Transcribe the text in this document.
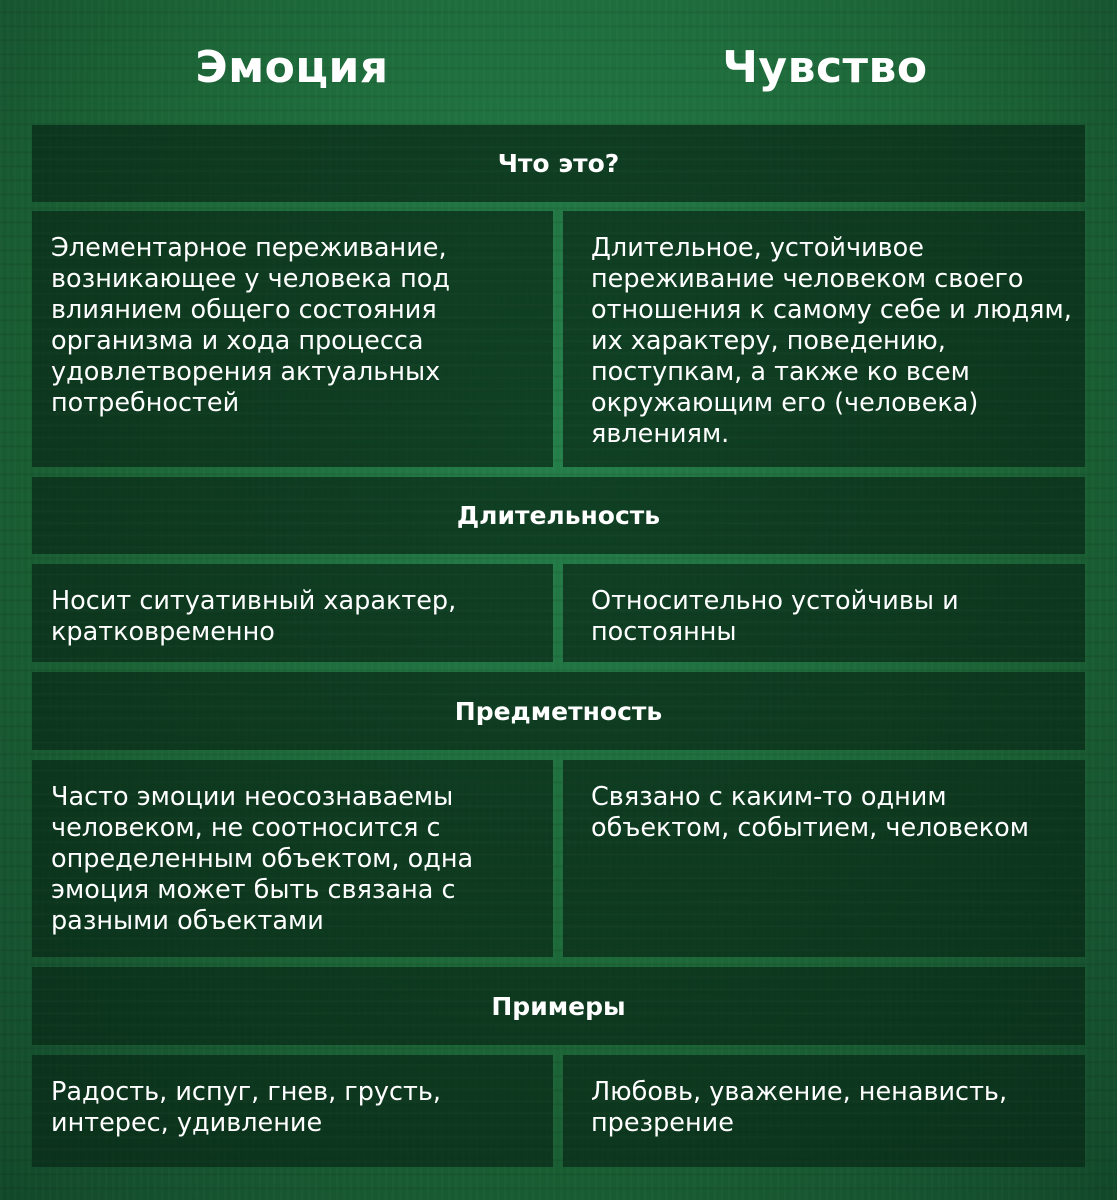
Эмоция	Чувство
Что это?
Элементарное переживание, возникающее у человека под влиянием общего состояния организма и хода процесса удовлетворения актуальных потребностей
Длительное, устойчивое переживание человеком своего отношения к самому себе и людям, их характеру, поведению, поступкам, а также ко всем окружающим его (человека) явлениям.
Длительность
Носит ситуативный характер, кратковременно
Относительно устойчивы и постоянны
Предметность
Часто эмоции неосознаваемы человеком, не соотносится с определенным объектом, одна эмоция может быть связана с разными объектами
Связано с каким-то одним объектом, событием, человеком
Примеры
Радость, испуг, гнев, грусть, интерес, удивление
Любовь, уважение, ненависть, презрение
